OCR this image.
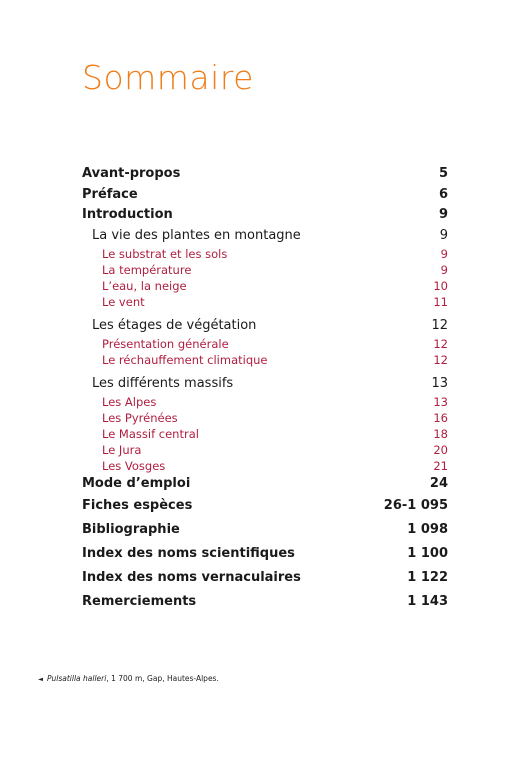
Sommaire
Avant-propos	5
Préface	6
Introduction	9
La vie des plantes en montagne	9
Le substrat et les sols	9
La température	9
L’eau, la neige	10
Le vent	11
Les étages de végétation	12
Présentation générale	12
Le réchauffement climatique	12
Les différents massifs	13
Les Alpes	13
Les Pyrénées	16
Le Massif central	18
Le Jura	20
Les Vosges	21
Mode d’emploi	24
Fiches espèces	26-1 095
Bibliographie	1 098
Index des noms scientifiques	1 100
Index des noms vernaculaires	1 122
Remerciements	1 143
◄ Pulsatilla halleri, 1 700 m, Gap, Hautes-Alpes.
